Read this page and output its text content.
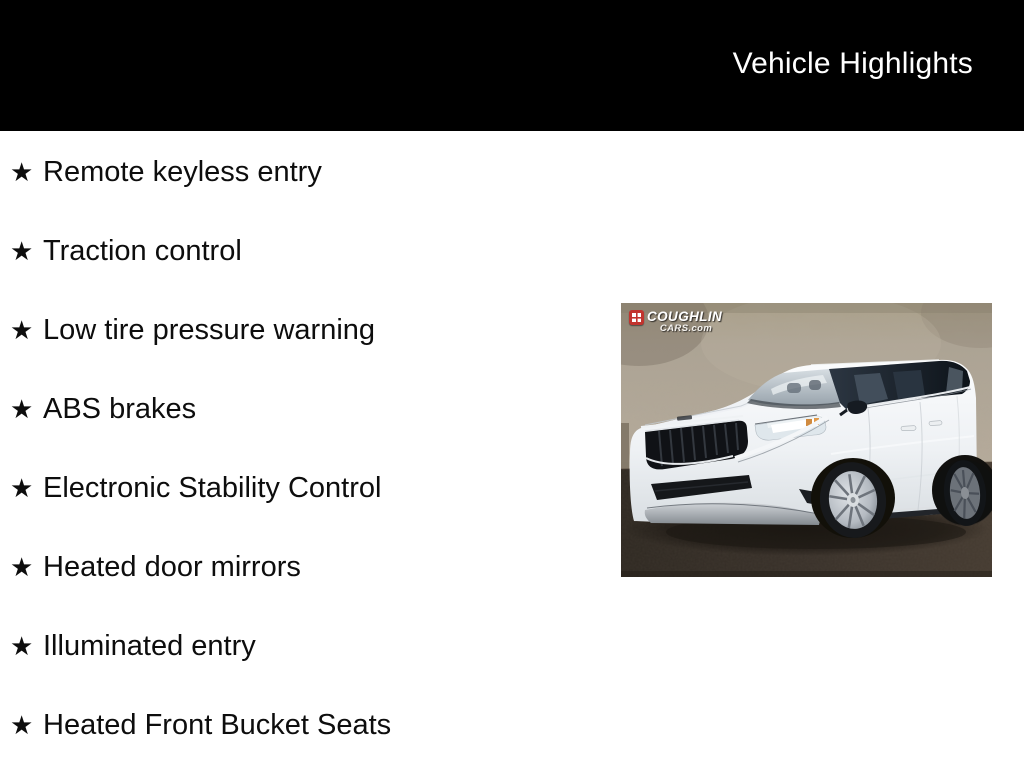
Vehicle Highlights
★ Remote keyless entry
★ Traction control
★ Low tire pressure warning
★ ABS brakes
★ Electronic Stability Control
★ Heated door mirrors
★ Illuminated entry
★ Heated Front Bucket Seats
COUGHLIN
CARS.com
